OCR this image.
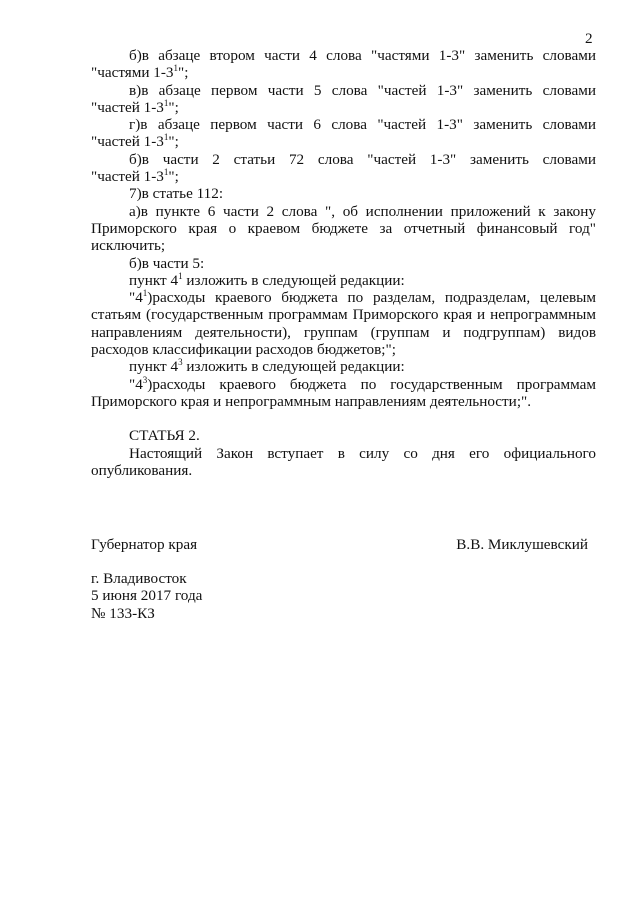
2

б)в абзаце втором части 4 слова "частями 1-3" заменить словами

"частями $1-3^1$";

в)в абзаце первом части 5 слова "частей 1-3" заменить словами

"частей $1-3^1$";

г)в абзаце первом части 6 слова "частей 1-3" заменить словами

"частей $1-3^1$";

б)в части 2 статьи 72 слова "частей 1-3" заменить словами

"частей $1-3^1$";

7)в статье 112:

а)в пункте 6 части 2 слова ", об исполнении приложений к закону Приморского края о краевом бюджете за отчетный финансовый год" исключить;

б)в части 5:

пункт $4^1$ изложить в следующей редакции:

"$4^1)расходы$ краевого бюджета по разделам, подразделам, целевым статьям (государственным программам Приморского края и непрограммным направлениям деятельности), группам (группам и подгруппам) видов расходов классификации расходов бюджетов;";

пункт $4^3$ изложить в следующей редакции:

"$4^3)расходы$ краевого бюджета по государственным программам Приморского края и непрограммным направлениям деятельности;".

СТАТЬЯ 2.

Настоящий Закон вступает в силу со дня его официального опубликования.

Губернатор края	В.В. Миклушевский
г. Владивосток
5 июня 2017 года
№ 133-КЗ
